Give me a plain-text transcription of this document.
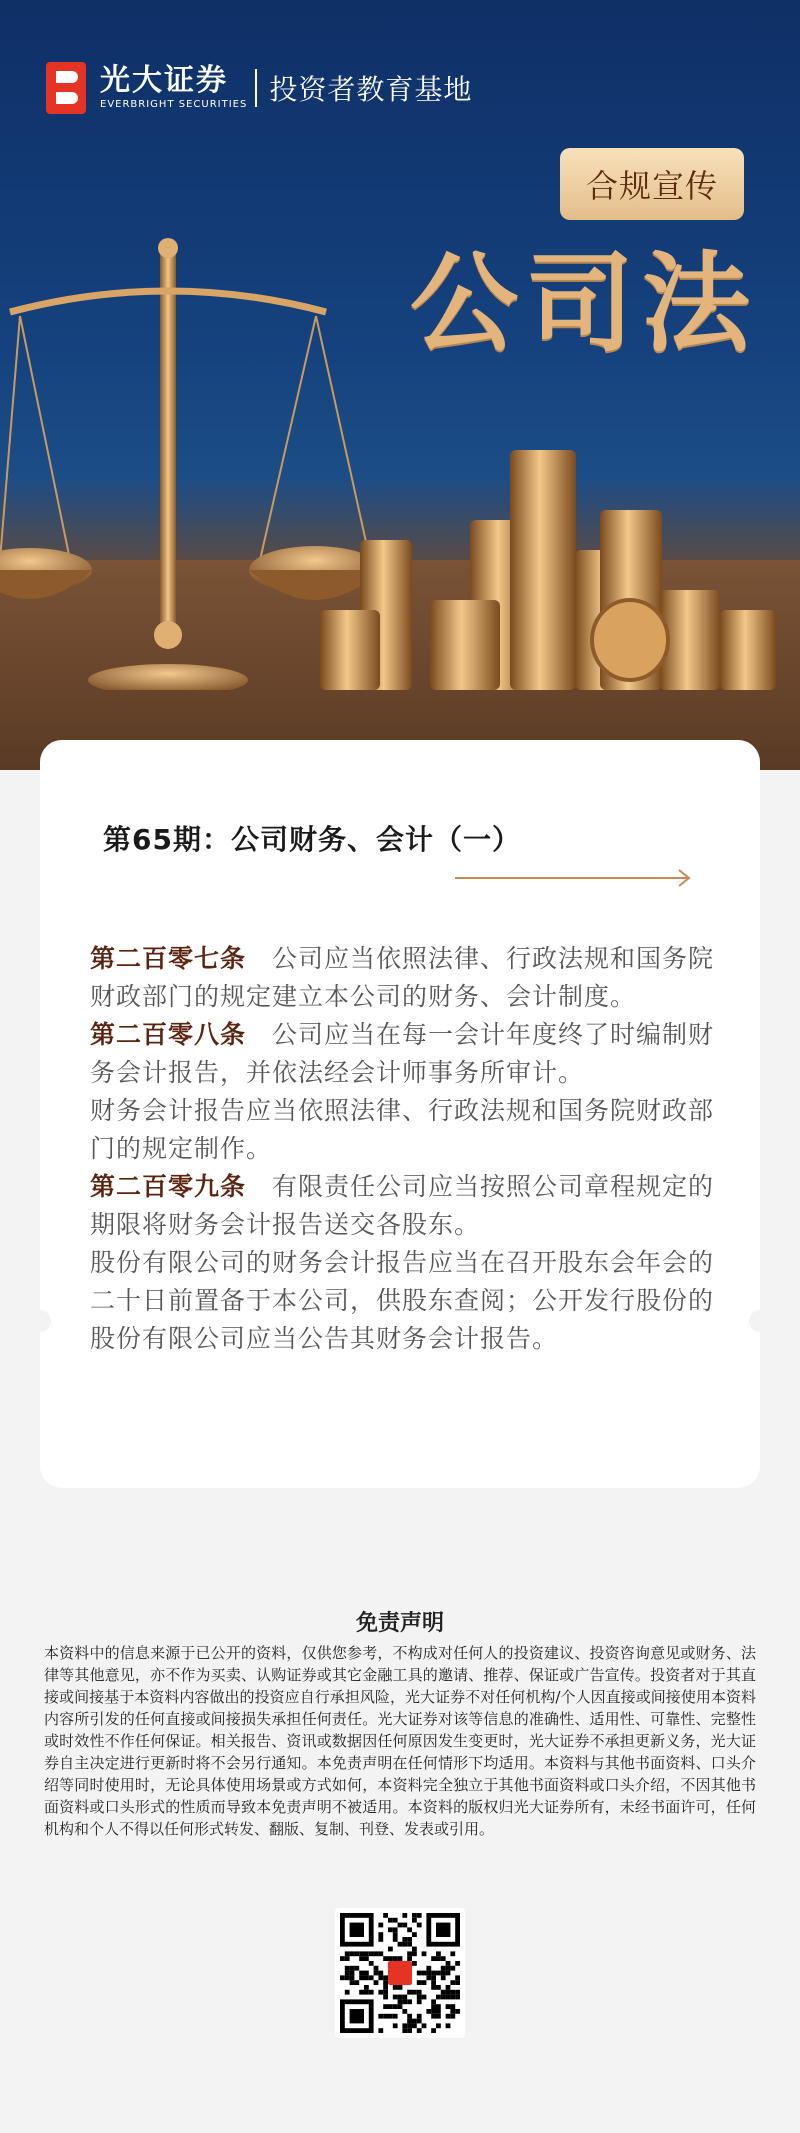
光大证券
EVERBRIGHT SECURITIES 投资者教育基地
合规宣传
公司法
第65期：公司财务、会计（一）

第二百零七条 公司应当依照法律、行政法规和国务院财政部门的规定建立本公司的财务、会计制度。

第二百零八条 公司应当在每一会计年度终了时编制财务会计报告，并依法经会计师事务所审计。

财务会计报告应当依照法律、行政法规和国务院财政部门的规定制作。

第二百零九条 有限责任公司应当按照公司章程规定的期限将财务会计报告送交各股东。

股份有限公司的财务会计报告应当在召开股东会年会的二十日前置备于本公司，供股东查阅；公开发行股份的股份有限公司应当公告其财务会计报告。

免责声明
本资料中的信息来源于已公开的资料，仅供您参考，不构成对任何人的投资建议、投资咨询意见或财务、法律等其他意见，亦不作为买卖、认购证券或其它金融工具的邀请、推荐、保证或广告宣传。投资者对于其直接或间接基于本资料内容做出的投资应自行承担风险，光大证券不对任何机构/个人因直接或间接使用本资料内容所引发的任何直接或间接损失承担任何责任。光大证券对该等信息的准确性、适用性、可靠性、完整性或时效性不作任何保证。相关报告、资讯或数据因任何原因发生变更时，光大证券不承担更新义务，光大证券自主决定进行更新时将不会另行通知。本免责声明在任何情形下均适用。本资料与其他书面资料、口头介绍等同时使用时，无论具体使用场景或方式如何，本资料完全独立于其他书面资料或口头介绍，不因其他书面资料或口头形式的性质而导致本免责声明不被适用。本资料的版权归光大证券所有，未经书面许可，任何机构和个人不得以任何形式转发、翻版、复制、刊登、发表或引用。
